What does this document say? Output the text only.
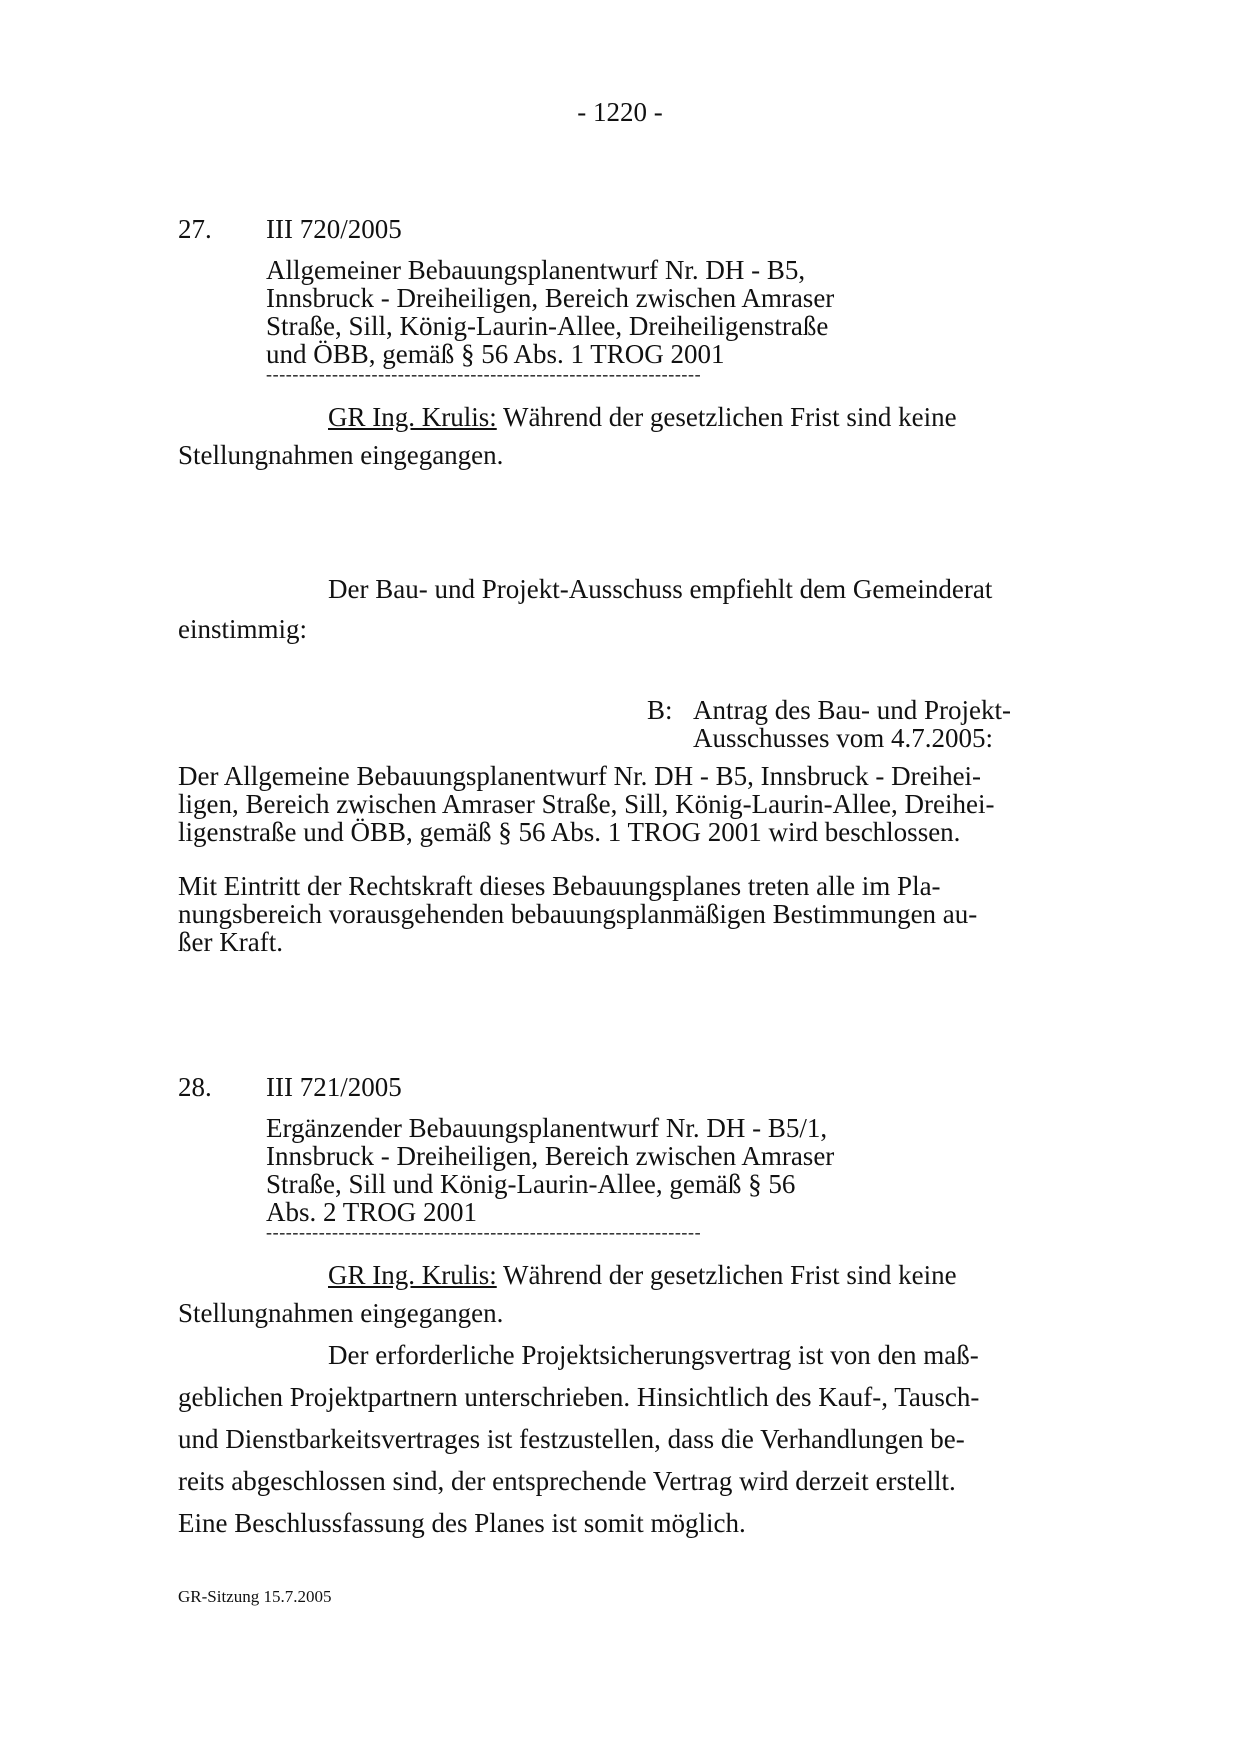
- 1220 -
27. III 720/2005
Allgemeiner Bebauungsplanentwurf Nr. DH - B5,
Innsbruck - Dreiheiligen, Bereich zwischen Amraser
Straße, Sill, König-Laurin-Allee, Dreiheiligenstraße
und ÖBB, gemäß § 56 Abs. 1 TROG 2001
------------------------------------------------------------------
GR Ing. Krulis: Während der gesetzlichen Frist sind keine
Stellungnahmen eingegangen.
Der Bau- und Projekt-Ausschuss empfiehlt dem Gemeinderat
einstimmig:
B: Antrag des Bau- und Projekt-
Ausschusses vom 4.7.2005:
Der Allgemeine Bebauungsplanentwurf Nr. DH - B5, Innsbruck - Dreihei-
ligen, Bereich zwischen Amraser Straße, Sill, König-Laurin-Allee, Dreihei-
ligenstraße und ÖBB, gemäß § 56 Abs. 1 TROG 2001 wird beschlossen.
Mit Eintritt der Rechtskraft dieses Bebauungsplanes treten alle im Pla-
nungsbereich vorausgehenden bebauungsplanmäßigen Bestimmungen au-
ßer Kraft.
28. III 721/2005
Ergänzender Bebauungsplanentwurf Nr. DH - B5/1,
Innsbruck - Dreiheiligen, Bereich zwischen Amraser
Straße, Sill und König-Laurin-Allee, gemäß § 56
Abs. 2 TROG 2001
------------------------------------------------------------------
GR Ing. Krulis: Während der gesetzlichen Frist sind keine
Stellungnahmen eingegangen.
Der erforderliche Projektsicherungsvertrag ist von den maß-
geblichen Projektpartnern unterschrieben. Hinsichtlich des Kauf-, Tausch-
und Dienstbarkeitsvertrages ist festzustellen, dass die Verhandlungen be-
reits abgeschlossen sind, der entsprechende Vertrag wird derzeit erstellt.
Eine Beschlussfassung des Planes ist somit möglich.
GR-Sitzung 15.7.2005
